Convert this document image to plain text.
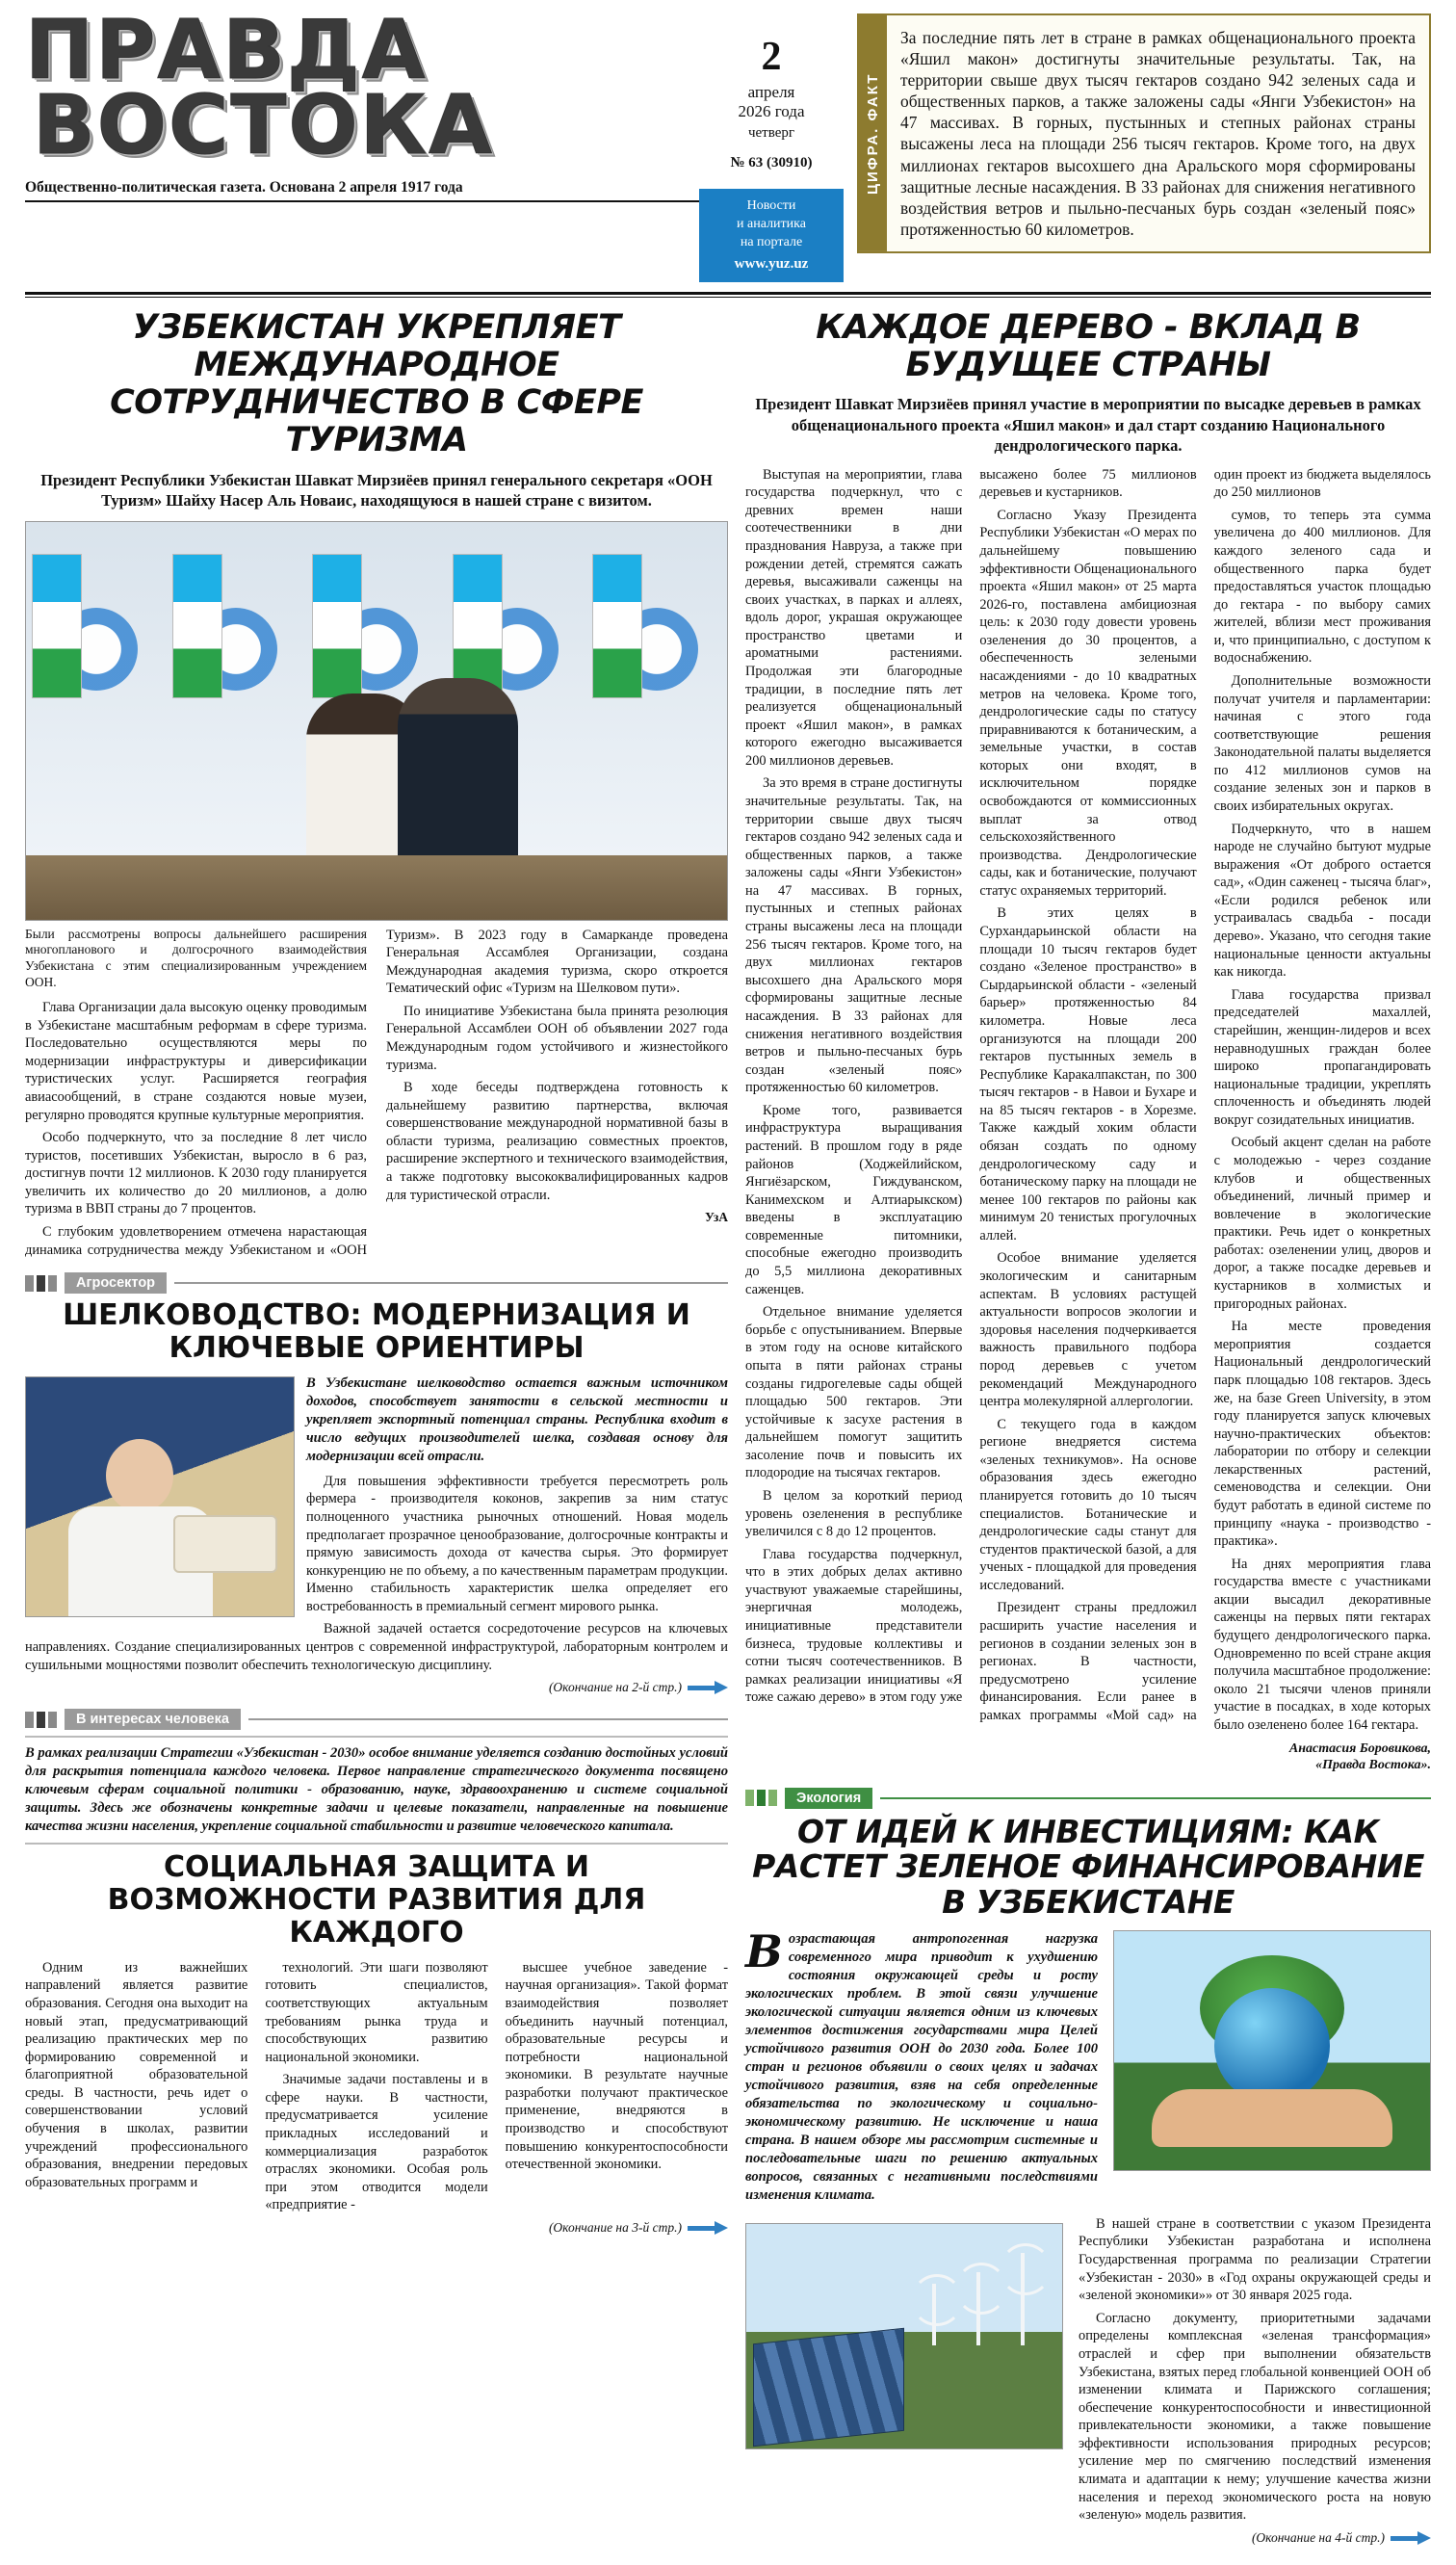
ПРАВДА
ВОСТОКА
Общественно-политическая газета. Основана 2 апреля 1917 года
2
апреля
2026 года
четверг
№ 63 (30910)
Новости
и аналитика
на портале
www.yuz.uz
ЦИФРА. ФАКТ
За последние пять лет в стране в рамках общенационального проекта «Яшил макон» достигнуты значительные результаты. Так, на территории свыше двух тысяч гектаров создано 942 зеленых сада и общественных парков, а также заложены сады «Янги Узбекистон» на 47 массивах. В горных, пустынных и степных районах страны высажены леса на площади 256 тысяч гектаров. Кроме того, на двух миллионах гектаров высохшего дна Аральского моря сформированы защитные лесные насаждения. В 33 районах для снижения негативного воздействия ветров и пыльно-песчаных бурь создан «зеленый пояс» протяженностью 60 километров.
УЗБЕКИСТАН УКРЕПЛЯЕТ МЕЖДУНАРОДНОЕ СОТРУДНИЧЕСТВО В СФЕРЕ ТУРИЗМА
Президент Республики Узбекистан Шавкат Мирзиёев принял генерального секретаря «ООН Туризм» Шайху Насер Аль Новаис, находящуюся в нашей стране с визитом.
Были рассмотрены вопросы дальнейшего расширения многопланового и долгосрочного взаимодействия Узбекистана с этим специализированным учреждением ООН.

Глава Организации дала высокую оценку проводимым в Узбекистане масштабным реформам в сфере туризма. Последовательно осуществляются меры по модернизации инфраструктуры и диверсификации туристических услуг. Расширяется география авиасообщений, в стране создаются новые музеи, регулярно проводятся крупные культурные мероприятия.

Особо подчеркнуто, что за последние 8 лет число туристов, посетивших Узбекистан, выросло в 6 раз, достигнув почти 12 миллионов. К 2030 году планируется увеличить их количество до 20 миллионов, а долю туризма в ВВП страны до 7 процентов.

С глубоким удовлетворением отмечена нарастающая динамика сотрудничества между Узбекистаном и «ООН Туризм». В 2023 году в Самарканде проведена Генеральная Ассамблея Организации, создана Международная академия туризма, скоро откроется Тематический офис «Туризм на Шелковом пути».

По инициативе Узбекистана была принята резолюция Генеральной Ассамблеи ООН об объявлении 2027 года Международным годом устойчивого и жизнестойкого туризма.

В ходе беседы подтверждена готовность к дальнейшему развитию партнерства, включая совершенствование международной нормативной базы в области туризма, реализацию совместных проектов, расширение экспертного и технического взаимодействия, а также подготовку высококвалифицированных кадров для туристической отрасли.

УзА
Агросектор
ШЕЛКОВОДСТВО: МОДЕРНИЗАЦИЯ И КЛЮЧЕВЫЕ ОРИЕНТИРЫ
В Узбекистане шелководство остается важным источником доходов, способствует занятости в сельской местности и укрепляет экспортный потенциал страны. Республика входит в число ведущих производителей шелка, создавая основу для модернизации всей отрасли.

Для повышения эффективности требуется пересмотреть роль фермера - производителя коконов, закрепив за ним статус полноценного участника рыночных отношений. Новая модель предполагает прозрачное ценообразование, долгосрочные контракты и прямую зависимость дохода от качества сырья. Это формирует конкуренцию не по объему, а по качественным параметрам продукции. Именно стабильность характеристик шелка определяет его востребованность в премиальный сегмент мирового рынка.

Важной задачей остается сосредоточение ресурсов на ключевых направлениях. Создание специализированных центров с современной инфраструктурой, лабораторным контролем и сушильными мощностями позволит обеспечить технологическую дисциплину.

(Окончание на 2-й стр.)
В интересах человека
В рамках реализации Стратегии «Узбекистан - 2030» особое внимание уделяется созданию достойных условий для раскрытия потенциала каждого человека. Первое направление стратегического документа посвящено ключевым сферам социальной политики - образованию, науке, здравоохранению и системе социальной защиты. Здесь же обозначены конкретные задачи и целевые показатели, направленные на повышение качества жизни населения, укрепление социальной стабильности и развитие человеческого капитала.
СОЦИАЛЬНАЯ ЗАЩИТА И ВОЗМОЖНОСТИ РАЗВИТИЯ ДЛЯ КАЖДОГО

Одним из важнейших направлений является развитие образования. Сегодня она выходит на новый этап, предусматривающий реализацию практических мер по формированию современной и благоприятной образовательной среды. В частности, речь идет о совершенствовании условий обучения в школах, развитии учреждений профессионального образования, внедрении передовых образовательных программ и

технологий. Эти шаги позволяют готовить специалистов, соответствующих актуальным требованиям рынка труда и способствующих развитию национальной экономики.

Значимые задачи поставлены и в сфере науки. В частности, предусматривается усиление прикладных исследований и коммерциализация разработок отраслях экономики. Особая роль при этом отводится модели «предприятие -

высшее учебное заведение - научная организация». Такой формат взаимодействия позволяет объединить научный потенциал, образовательные ресурсы и потребности национальной экономики. В результате научные разработки получают практическое применение, внедряются в производство и способствуют повышению конкурентоспособности отечественной экономики.

(Окончание на 3-й стр.)
КАЖДОЕ ДЕРЕВО - ВКЛАД В БУДУЩЕЕ СТРАНЫ
Президент Шавкат Мирзиёев принял участие в мероприятии по высадке деревьев в рамках общенационального проекта «Яшил макон» и дал старт созданию Национального дендрологического парка.

Выступая на мероприятии, глава государства подчеркнул, что с древних времен наши соотечественники в дни празднования Навруза, а также при рождении детей, стремятся сажать деревья, высаживали саженцы на своих участках, в парках и аллеях, вдоль дорог, украшая окружающее пространство цветами и ароматными растениями. Продолжая эти благородные традиции, в последние пять лет реализуется общенациональный проект «Яшил макон», в рамках которого ежегодно высаживается 200 миллионов деревьев.

За это время в стране достигнуты значительные результаты. Так, на территории свыше двух тысяч гектаров создано 942 зеленых сада и общественных парков, а также заложены сады «Янги Узбекистон» на 47 массивах. В горных, пустынных и степных районах страны высажены леса на площади 256 тысяч гектаров. Кроме того, на двух миллионах гектаров высохшего дна Аральского моря сформированы защитные лесные насаждения. В 33 районах для снижения негативного воздействия ветров и пыльно-песчаных бурь создан «зеленый пояс» протяженностью 60 километров.

Кроме того, развивается инфраструктура выращивания растений. В прошлом году в ряде районов (Ходжейлийском, Янгиёзарском, Гиждуванском, Канимехском и Алтиарыкском) введены в эксплуатацию современные питомники, способные ежегодно производить до 5,5 миллиона декоративных саженцев.

Отдельное внимание уделяется борьбе с опустыниванием. Впервые в этом году на основе китайского опыта в пяти районах страны созданы гидрогелевые сады общей площадью 500 гектаров. Эти устойчивые к засухе растения в дальнейшем помогут защитить засоление почв и повысить их плодородие на тысячах гектаров.

В целом за короткий период уровень озеленения в республике увеличился с 8 до 12 процентов.

Глава государства подчеркнул, что в этих добрых делах активно участвуют уважаемые старейшины, энергичная молодежь, инициативные представители бизнеса, трудовые коллективы и сотни тысяч соотечественников. В рамках реализации инициативы «Я тоже сажаю дерево» в этом году уже высажено более 75 миллионов деревьев и кустарников.

Согласно Указу Президента Республики Узбекистан «О мерах по дальнейшему повышению эффективности Общенационального проекта «Яшил макон» от 25 марта 2026-го, поставлена амбициозная цель: к 2030 году довести уровень озеленения до 30 процентов, а обеспеченность зелеными насаждениями - до 10 квадратных метров на человека. Кроме того, дендрологические сады по статусу приравниваются к ботаническим, а земельные участки, в состав которых они входят, в исключительном порядке освобождаются от коммиссионных выплат за отвод сельскохозяйственного производства. Дендрологические сады, как и ботанические, получают статус охраняемых территорий.

В этих целях в Сурхандарьинской области на площади 10 тысяч гектаров будет создано «Зеленое пространство» в Сырдарьинской области - «зеленый барьер» протяженностью 84 километра. Новые леса организуются на площади 200 гектаров пустынных земель в Республике Каракалпакстан, по 300 тысяч гектаров - в Навои и Бухаре и на 85 тысяч гектаров - в Хорезме. Также каждый хоким области обязан создать по одному дендрологическому саду и ботаническому парку на площади не менее 100 гектаров по районы как минимум 20 тенистых прогулочных аллей.

Особое внимание уделяется экологическим и санитарным аспектам. В условиях растущей актуальности вопросов экологии и здоровья населения подчеркивается важность правильного подбора пород деревьев с учетом рекомендаций Международного центра молекулярной аллергологии.

С текущего года в каждом регионе внедряется система «зеленых техникумов». На основе образования здесь ежегодно планируется готовить до 10 тысяч специалистов. Ботанические и дендрологические сады станут для студентов практической базой, а для ученых - площадкой для проведения исследований.

Президент страны предложил расширить участие населения и регионов в создании зеленых зон в регионах. В частности, предусмотрено усиление финансирования. Если ранее в рамках программы «Мой сад» на один проект из бюджета выделялось до 250 миллионов

сумов, то теперь эта сумма увеличена до 400 миллионов. Для каждого зеленого сада и общественного парка будет предоставляться участок площадью до гектара - по выбору самих жителей, вблизи мест проживания и, что принципиально, с доступом к водоснабжению.

Дополнительные возможности получат учителя и парламентарии: начиная с этого года соответствующие решения Законодательной палаты выделяется по 412 миллионов сумов на создание зеленых зон и парков в своих избирательных округах.

Подчеркнуто, что в нашем народе не случайно бытуют мудрые выражения «От доброго остается сад», «Один саженец - тысяча благ», «Если родился ребенок или устраивалась свадьба - посади дерево». Указано, что сегодня такие национальные ценности актуальны как никогда.

Глава государства призвал председателей махаллей, старейшин, женщин-лидеров и всех неравнодушных граждан более широко пропагандировать национальные традиции, укреплять сплоченность и объединять людей вокруг созидательных инициатив.

Особый акцент сделан на работе с молодежью - через создание клубов и общественных объединений, личный пример и вовлечение в экологические практики. Речь идет о конкретных работах: озеленении улиц, дворов и дорог, а также посадке деревьев и кустарников в холмистых и пригородных районах.

На месте проведения мероприятия создается Национальный дендрологический парк площадью 108 гектаров. Здесь же, на базе Green University, в этом году планируется запуск ключевых научно-практических объектов: лаборатории по отбору и селекции лекарственных растений, семеноводства и селекции. Они будут работать в единой системе по принципу «наука - производство - практика».

На днях мероприятия глава государства вместе с участниками акции высадил декоративные саженцы на первых пяти гектарах будущего дендрологического парка. Одновременно по всей стране акция получила масштабное продолжение: около 21 тысячи членов приняли участие в посадках, в ходе которых было озеленено более 164 гектара.

Анастасия Боровикова,
«Правда Востока».
Экология
ОТ ИДЕЙ К ИНВЕСТИЦИЯМ: КАК РАСТЕТ ЗЕЛЕНОЕ ФИНАНСИРОВАНИЕ В УЗБЕКИСТАНЕ
Возрастающая антропогенная нагрузка современного мира приводит к ухудшению состояния окружающей среды и росту экологических проблем. В этой связи улучшение экологической ситуации является одним из ключевых элементов достижения государствами мира Целей устойчивого развития ООН до 2030 года. Более 100 стран и регионов объявили о своих целях и задачах устойчивого развития, взяв на себя определенные обязательства по экологическому и социально-экономическому развитию. Не исключение и наша страна. В нашем обзоре мы рассмотрим системные и последовательные шаги по решению актуальных вопросов, связанных с негативными последствиями изменения климата.

В нашей стране в соответствии с указом Президента Республики Узбекистан разработана и исполнена Государственная программа по реализации Стратегии «Узбекистан - 2030» в «Год охраны окружающей среды и «зеленой экономики»» от 30 января 2025 года.

Согласно документу, приоритетными задачами определены комплексная «зеленая трансформация» отраслей и сфер при выполнении обязательств Узбекистана, взятых перед глобальной конвенцией ООН об изменении климата и Парижского соглашения; обеспечение конкурентоспособности и инвестиционной привлекательности экономики, а также повышение эффективности использования природных ресурсов; усиление мер по смягчению последствий изменения климата и адаптации к нему; улучшение качества жизни населения и переход экономического роста на новую «зеленую» модель развития.

(Окончание на 4-й стр.)
